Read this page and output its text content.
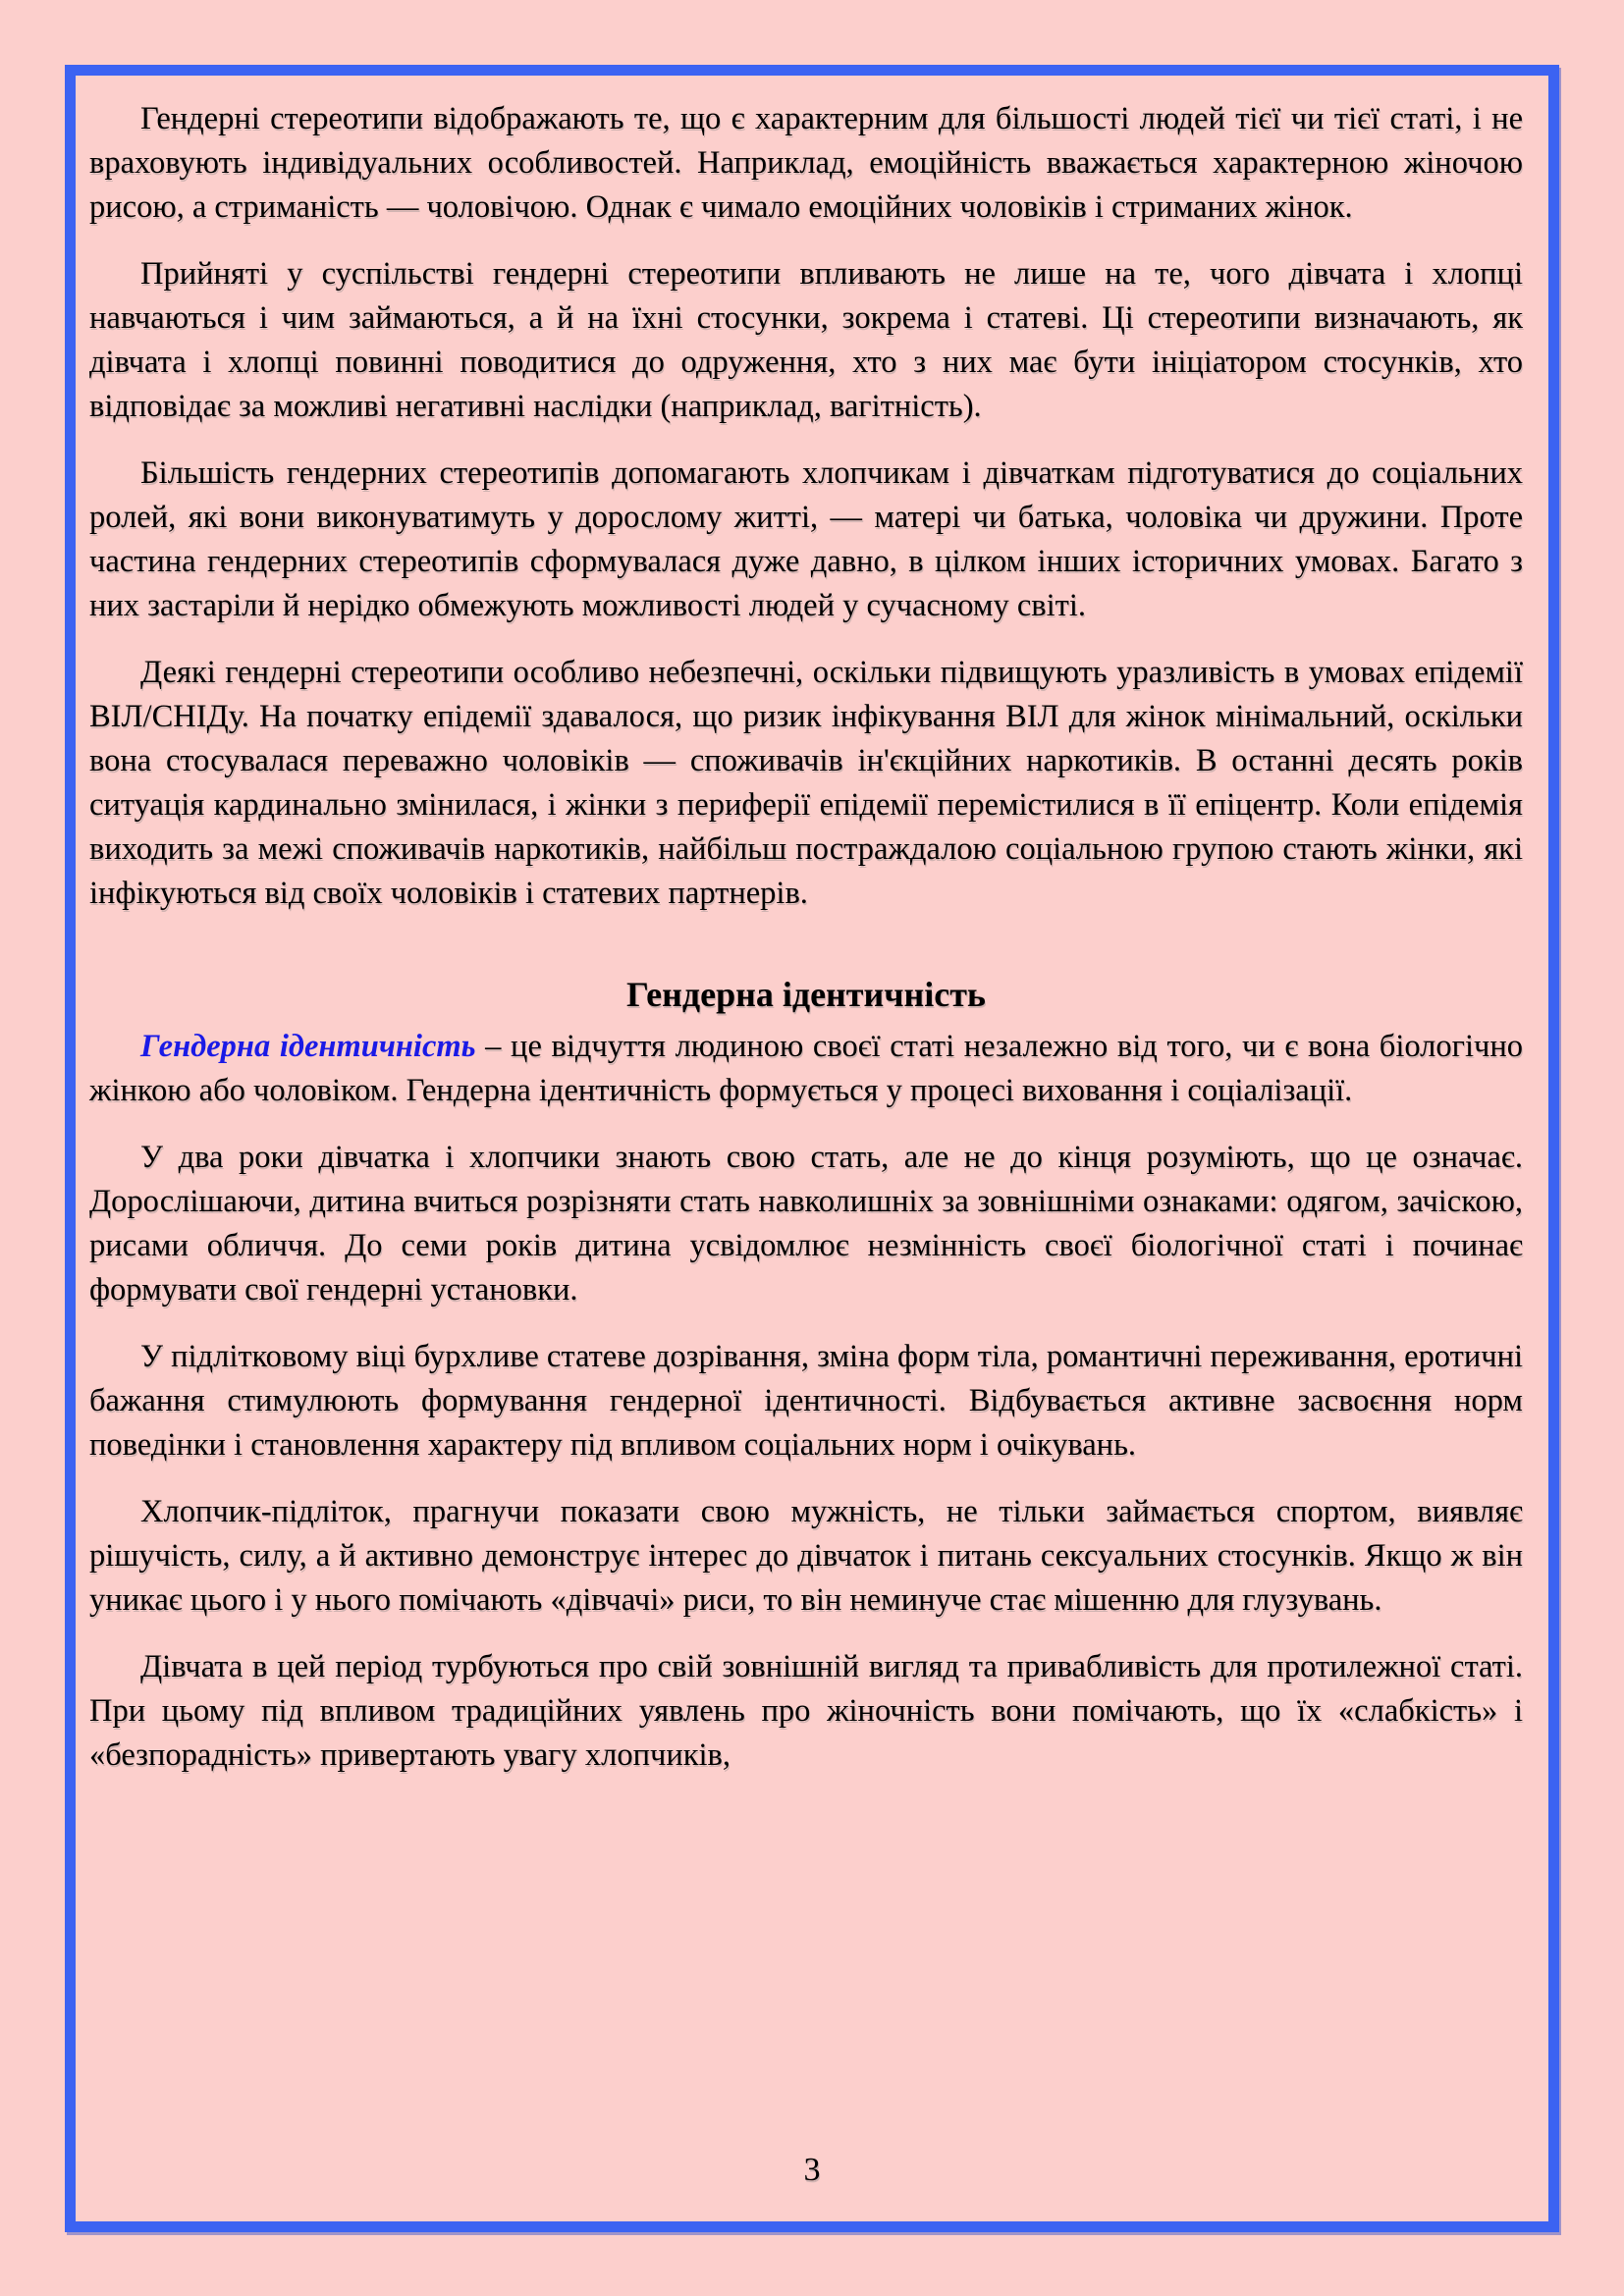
Гендерні стереотипи відображають те, що є характерним для більшості людей тієї чи тієї статі, і не враховують індивідуальних особливостей. Наприклад, емоційність вважається характерною жіночою рисою, а стриманість — чоловічою. Однак є чимало емоційних чоловіків і стриманих жінок.

Прийняті у суспільстві гендерні стереотипи впливають не лише на те, чого дівчата і хлопці навчаються і чим займаються, а й на їхні стосунки, зокрема і статеві. Ці стереотипи визначають, як дівчата і хлопці повинні поводитися до одруження, хто з них має бути ініціатором стосунків, хто відповідає за можливі негативні наслідки (наприклад, вагітність).

Більшість гендерних стереотипів допомагають хлопчикам і дівчаткам підготуватися до соціальних ролей, які вони виконуватимуть у дорослому житті, — матері чи батька, чоловіка чи дружини. Проте частина гендерних стереотипів сформувалася дуже давно, в цілком інших історичних умовах. Багато з них застаріли й нерідко обмежують можливості людей у сучасному світі.

Деякі гендерні стереотипи особливо небезпечні, оскільки підвищують уразливість в умовах епідемії ВІЛ/СНІДу. На початку епідемії здавалося, що ризик інфікування ВІЛ для жінок мінімальний, оскільки вона стосувалася переважно чоловіків — споживачів ін'єкційних наркотиків. В останні десять років ситуація кардинально змінилася, і жінки з периферії епідемії перемістилися в її епіцентр. Коли епідемія виходить за межі споживачів наркотиків, найбільш постраждалою соціальною групою стають жінки, які інфікуються від своїх чоловіків і статевих партнерів.

Гендерна ідентичність

Гендерна ідентичність – це відчуття людиною своєї статі незалежно від того, чи є вона біологічно жінкою або чоловіком. Гендерна ідентичність формується у процесі виховання і соціалізації.

У два роки дівчатка і хлопчики знають свою стать, але не до кінця розуміють, що це означає. Дорослішаючи, дитина вчиться розрізняти стать навколишніх за зовнішніми ознаками: одягом, зачіскою, рисами обличчя. До семи років дитина усвідомлює незмінність своєї біологічної статі і починає формувати свої гендерні установки.

У підлітковому віці бурхливе статеве дозрівання, зміна форм тіла, романтичні переживання, еротичні бажання стимулюють формування гендерної ідентичності. Відбувається активне засвоєння норм поведінки і становлення характеру під впливом соціальних норм і очікувань.

Хлопчик-підліток, прагнучи показати свою мужність, не тільки займається спортом, виявляє рішучість, силу, а й активно демонструє інтерес до дівчаток і питань сексуальних стосунків. Якщо ж він уникає цього і у нього помічають «дівчачі» риси, то він неминуче стає мішенню для глузувань.

Дівчата в цей період турбуються про свій зовнішній вигляд та привабливість для протилежної статі. При цьому під впливом традиційних уявлень про жіночність вони помічають, що їх «слабкість» і «безпорадність» привертають увагу хлопчиків,

3
